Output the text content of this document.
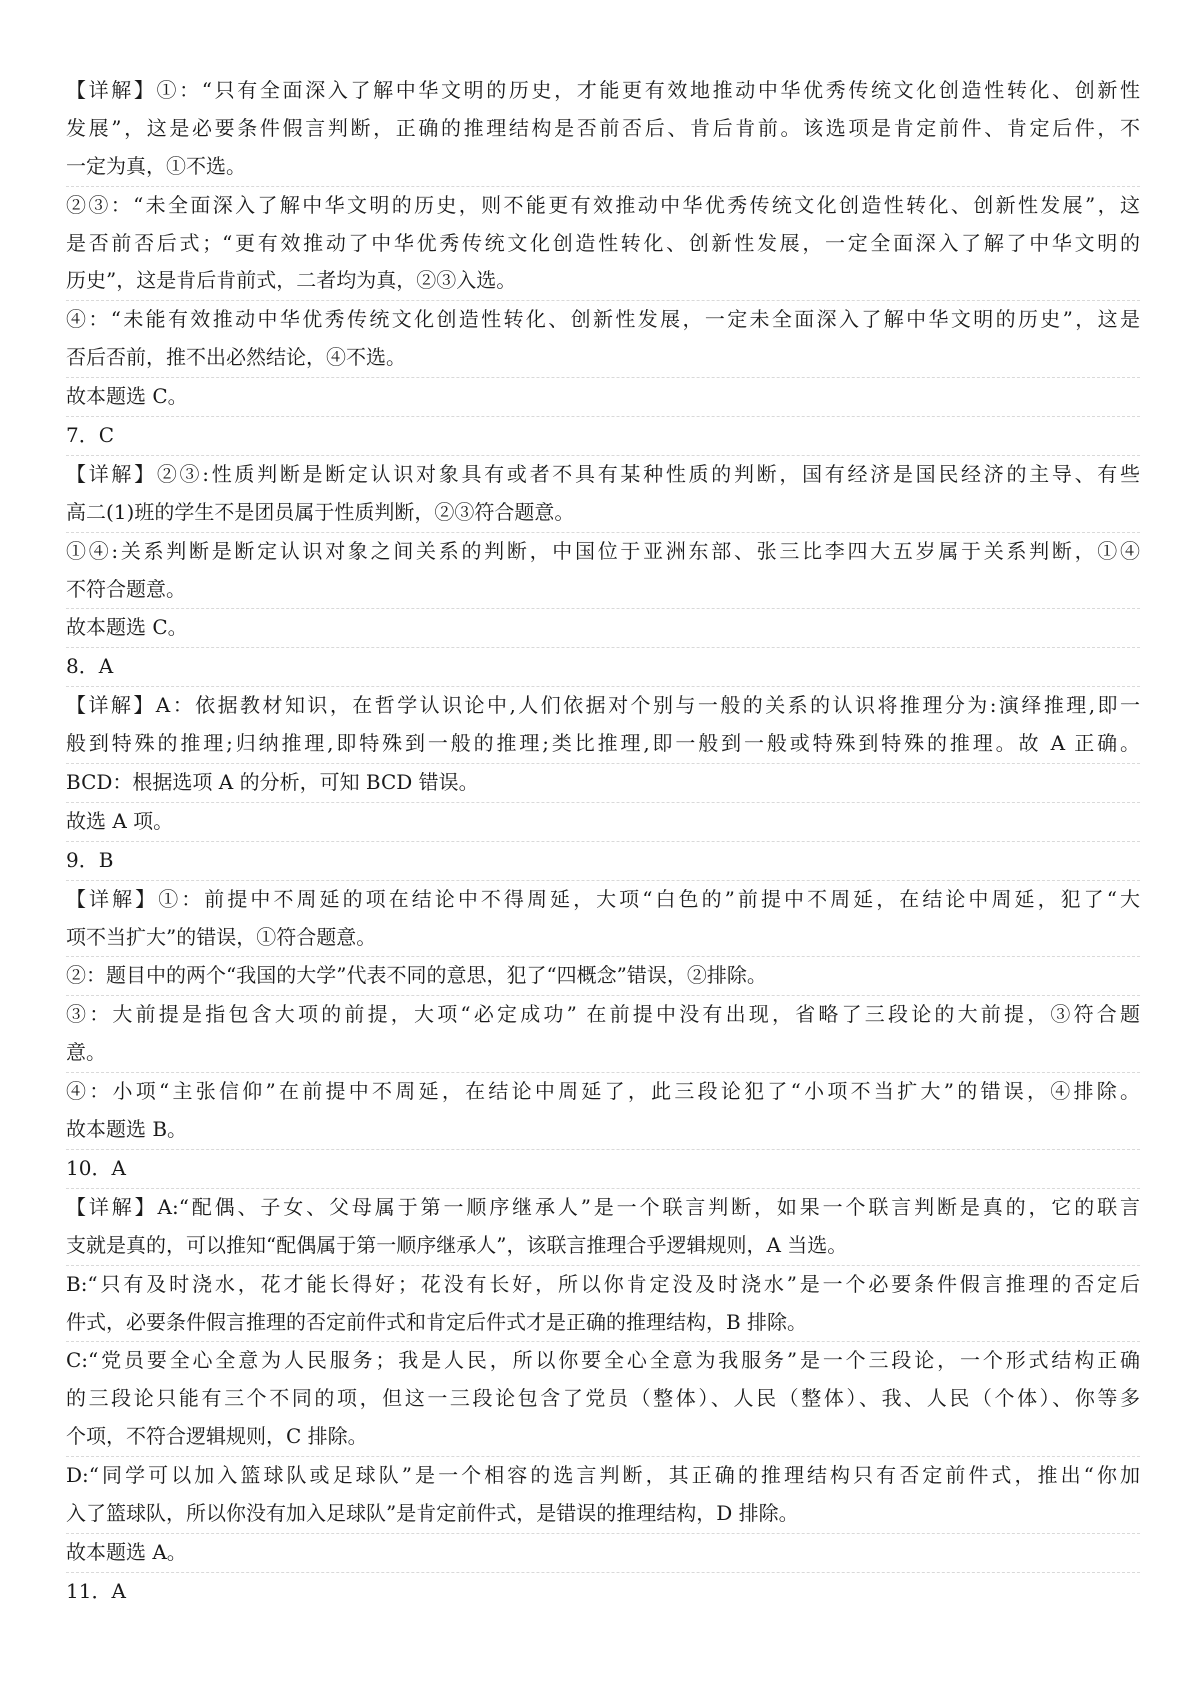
【详解】①：“只有全面深入了解中华文明的历史，才能更有效地推动中华优秀传统文化创造性转化、创新性
发展”，这是必要条件假言判断，正确的推理结构是否前否后、肯后肯前。该选项是肯定前件、肯定后件，不
一定为真，①不选。
②③：“未全面深入了解中华文明的历史，则不能更有效推动中华优秀传统文化创造性转化、创新性发展”，这
是否前否后式；“更有效推动了中华优秀传统文化创造性转化、创新性发展，一定全面深入了解了中华文明的
历史”，这是肯后肯前式，二者均为真，②③入选。
④：“未能有效推动中华优秀传统文化创造性转化、创新性发展，一定未全面深入了解中华文明的历史”，这是
否后否前，推不出必然结论，④不选。
故本题选 C。
7．C
【详解】②③:性质判断是断定认识对象具有或者不具有某种性质的判断，国有经济是国民经济的主导、有些
高二(1)班的学生不是团员属于性质判断，②③符合题意。
①④:关系判断是断定认识对象之间关系的判断，中国位于亚洲东部、张三比李四大五岁属于关系判断，①④
不符合题意。
故本题选 C。
8．A
【详解】A：依据教材知识，在哲学认识论中,人们依据对个别与一般的关系的认识将推理分为:演绎推理,即一
般到特殊的推理;归纳推理,即特殊到一般的推理;类比推理,即一般到一般或特殊到特殊的推理。故 A 正确。
BCD：根据选项 A 的分析，可知 BCD 错误。
故选 A 项。
9．B
【详解】①：前提中不周延的项在结论中不得周延，大项“白色的”前提中不周延，在结论中周延，犯了“大
项不当扩大”的错误，①符合题意。
②：题目中的两个“我国的大学”代表不同的意思，犯了“四概念”错误，②排除。
③：大前提是指包含大项的前提，大项“必定成功” 在前提中没有出现，省略了三段论的大前提，③符合题
意。
④：小项“主张信仰”在前提中不周延，在结论中周延了，此三段论犯了“小项不当扩大”的错误，④排除。
故本题选 B。
10．A
【详解】A:“配偶、子女、父母属于第一顺序继承人”是一个联言判断，如果一个联言判断是真的，它的联言
支就是真的，可以推知“配偶属于第一顺序继承人”，该联言推理合乎逻辑规则，A 当选。
B:“只有及时浇水，花才能长得好；花没有长好，所以你肯定没及时浇水”是一个必要条件假言推理的否定后
件式，必要条件假言推理的否定前件式和肯定后件式才是正确的推理结构，B 排除。
C:“党员要全心全意为人民服务；我是人民，所以你要全心全意为我服务”是一个三段论，一个形式结构正确
的三段论只能有三个不同的项，但这一三段论包含了党员（整体）、人民（整体）、我、人民（个体）、你等多
个项，不符合逻辑规则，C 排除。
D:“同学可以加入篮球队或足球队”是一个相容的选言判断，其正确的推理结构只有否定前件式，推出“你加
入了篮球队，所以你没有加入足球队”是肯定前件式，是错误的推理结构，D 排除。
故本题选 A。
11．A
